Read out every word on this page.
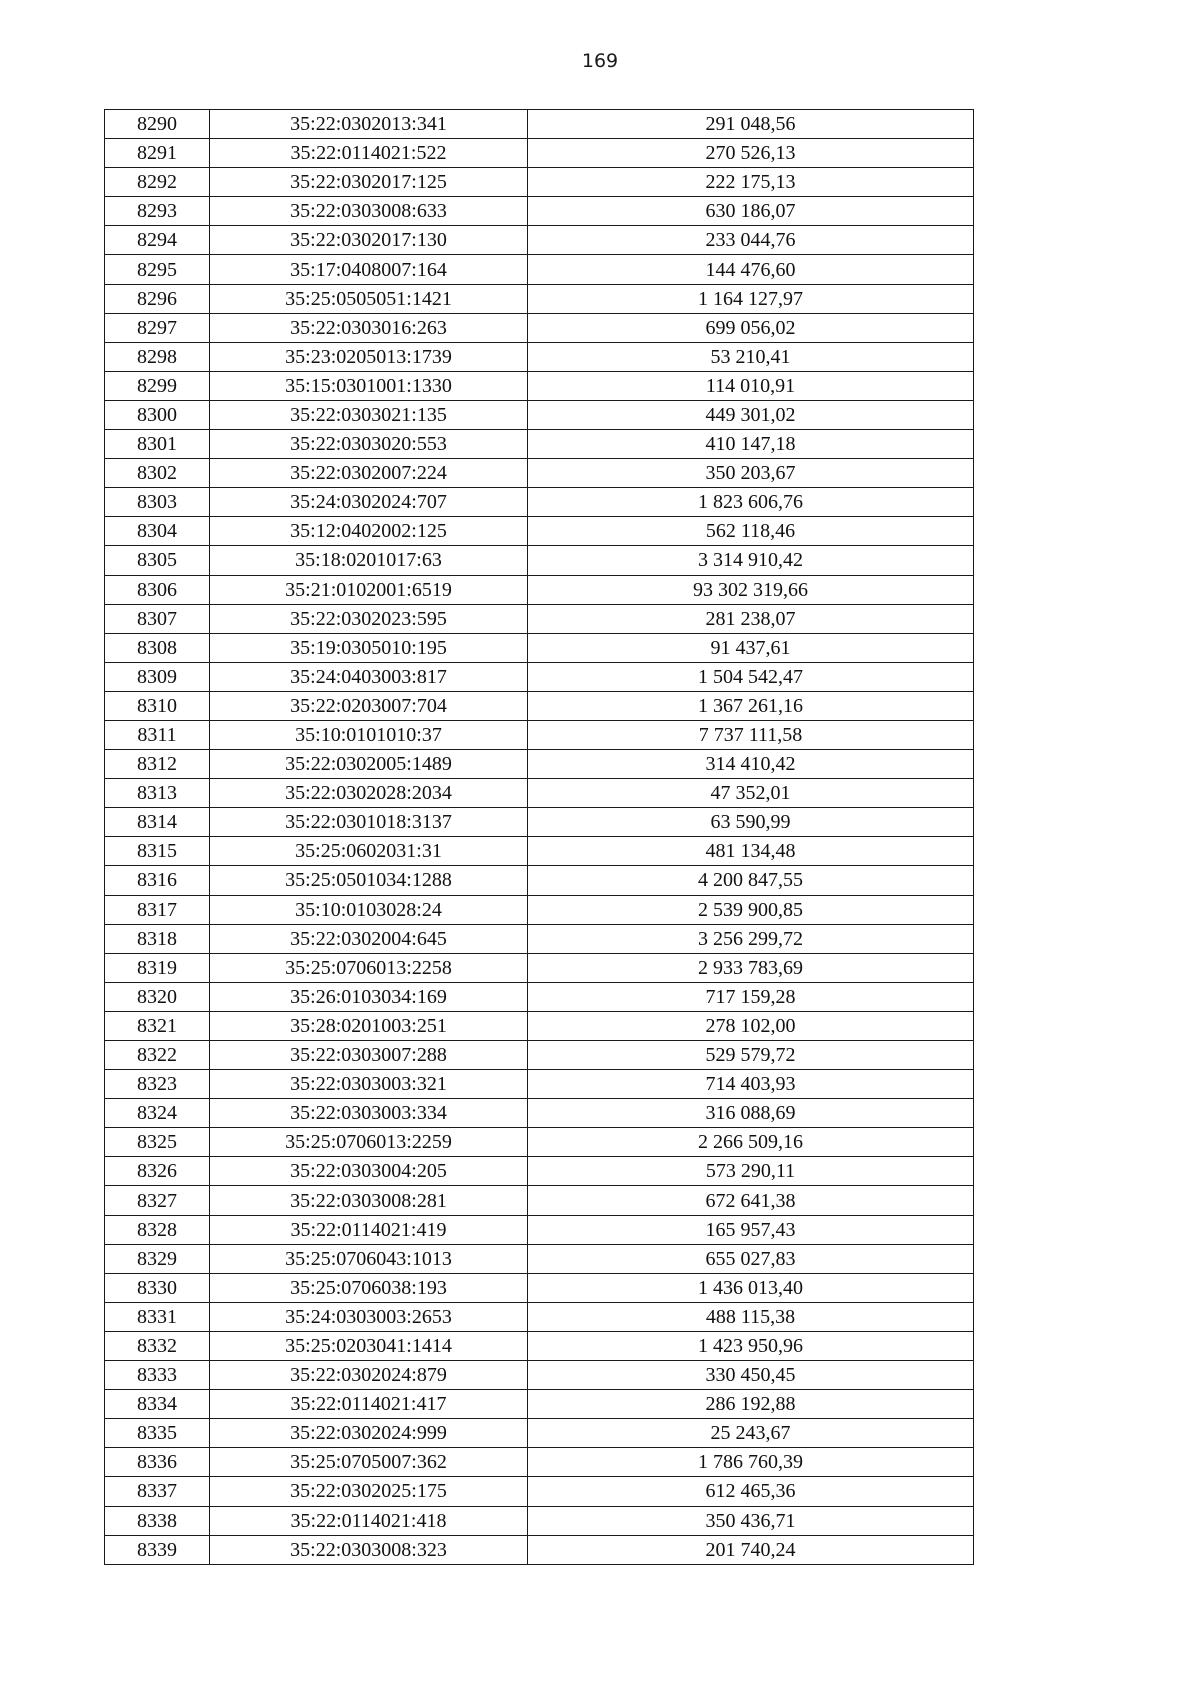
169
8290	35:22:0302013:341	291 048,56
8291	35:22:0114021:522	270 526,13
8292	35:22:0302017:125	222 175,13
8293	35:22:0303008:633	630 186,07
8294	35:22:0302017:130	233 044,76
8295	35:17:0408007:164	144 476,60
8296	35:25:0505051:1421	1 164 127,97
8297	35:22:0303016:263	699 056,02
8298	35:23:0205013:1739	53 210,41
8299	35:15:0301001:1330	114 010,91
8300	35:22:0303021:135	449 301,02
8301	35:22:0303020:553	410 147,18
8302	35:22:0302007:224	350 203,67
8303	35:24:0302024:707	1 823 606,76
8304	35:12:0402002:125	562 118,46
8305	35:18:0201017:63	3 314 910,42
8306	35:21:0102001:6519	93 302 319,66
8307	35:22:0302023:595	281 238,07
8308	35:19:0305010:195	91 437,61
8309	35:24:0403003:817	1 504 542,47
8310	35:22:0203007:704	1 367 261,16
8311	35:10:0101010:37	7 737 111,58
8312	35:22:0302005:1489	314 410,42
8313	35:22:0302028:2034	47 352,01
8314	35:22:0301018:3137	63 590,99
8315	35:25:0602031:31	481 134,48
8316	35:25:0501034:1288	4 200 847,55
8317	35:10:0103028:24	2 539 900,85
8318	35:22:0302004:645	3 256 299,72
8319	35:25:0706013:2258	2 933 783,69
8320	35:26:0103034:169	717 159,28
8321	35:28:0201003:251	278 102,00
8322	35:22:0303007:288	529 579,72
8323	35:22:0303003:321	714 403,93
8324	35:22:0303003:334	316 088,69
8325	35:25:0706013:2259	2 266 509,16
8326	35:22:0303004:205	573 290,11
8327	35:22:0303008:281	672 641,38
8328	35:22:0114021:419	165 957,43
8329	35:25:0706043:1013	655 027,83
8330	35:25:0706038:193	1 436 013,40
8331	35:24:0303003:2653	488 115,38
8332	35:25:0203041:1414	1 423 950,96
8333	35:22:0302024:879	330 450,45
8334	35:22:0114021:417	286 192,88
8335	35:22:0302024:999	25 243,67
8336	35:25:0705007:362	1 786 760,39
8337	35:22:0302025:175	612 465,36
8338	35:22:0114021:418	350 436,71
8339	35:22:0303008:323	201 740,24
